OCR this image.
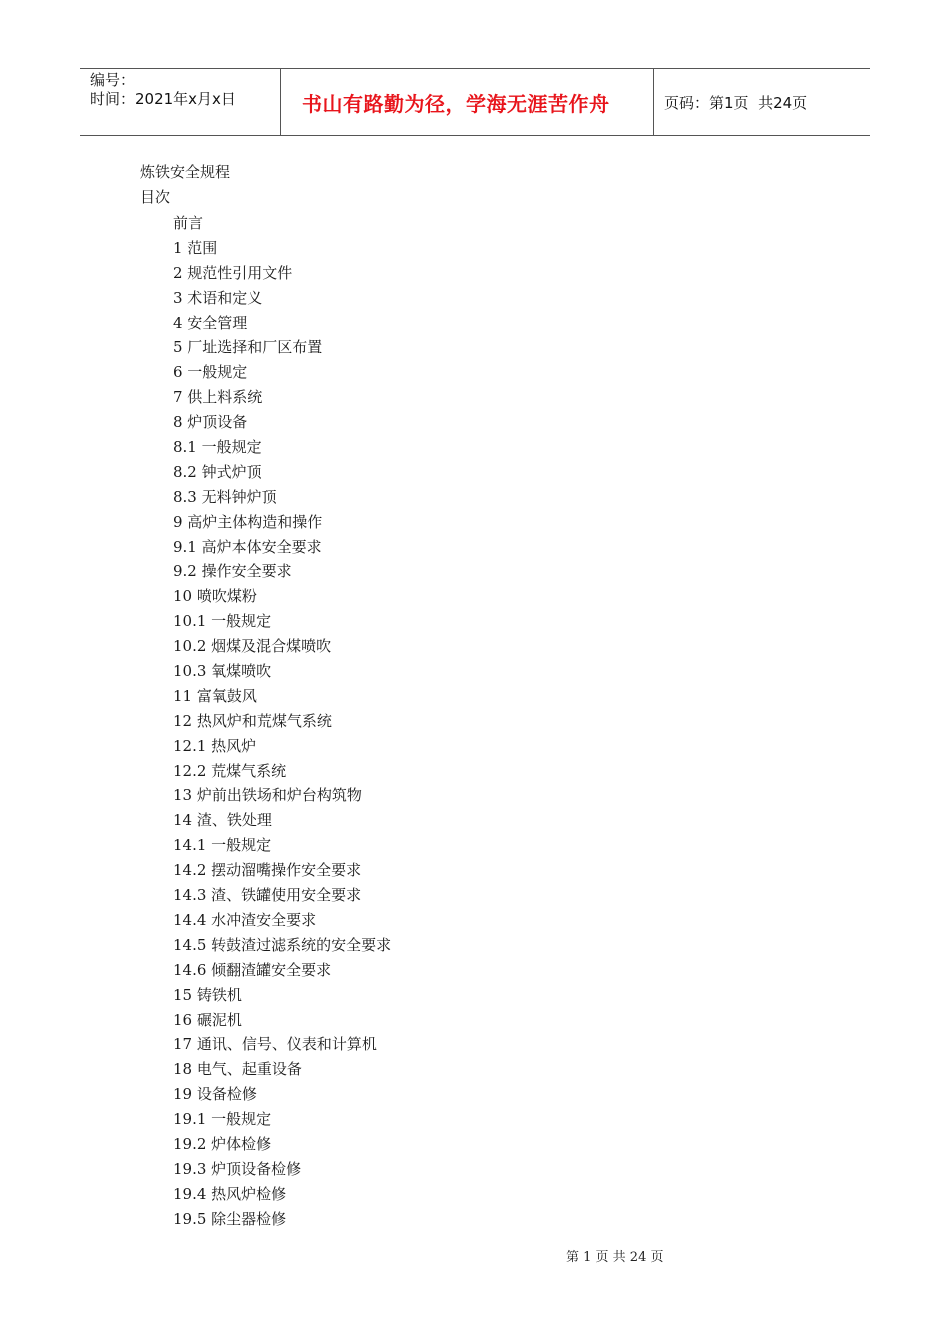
编号：
时间：2021年x月x日	书山有路勤为径，学海无涯苦作舟	页码：第1页  共24页
炼铁安全规程
目次
前言
1 范围
2 规范性引用文件
3 术语和定义
4 安全管理
5 厂址选择和厂区布置
6 一般规定
7 供上料系统
8 炉顶设备
8.1 一般规定
8.2 钟式炉顶
8.3 无料钟炉顶
9 高炉主体构造和操作
9.1 高炉本体安全要求
9.2 操作安全要求
10 喷吹煤粉
10.1 一般规定
10.2 烟煤及混合煤喷吹
10.3 氧煤喷吹
11 富氧鼓风
12 热风炉和荒煤气系统
12.1 热风炉
12.2 荒煤气系统
13 炉前出铁场和炉台构筑物
14 渣、铁处理
14.1 一般规定
14.2 摆动溜嘴操作安全要求
14.3 渣、铁罐使用安全要求
14.4 水冲渣安全要求
14.5 转鼓渣过滤系统的安全要求
14.6 倾翻渣罐安全要求
15 铸铁机
16 碾泥机
17 通讯、信号、仪表和计算机
18 电气、起重设备
19 设备检修
19.1 一般规定
19.2 炉体检修
19.3 炉顶设备检修
19.4 热风炉检修
19.5 除尘器检修
第 1 页 共 24 页
